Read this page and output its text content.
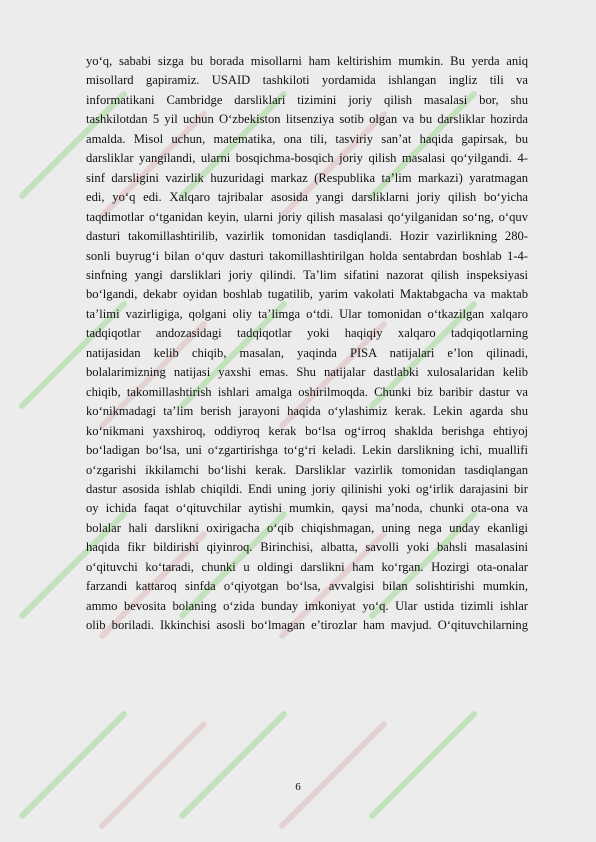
yo‘q, sababi sizga bu borada misollarni ham keltirishim mumkin. Bu yerda aniq
misollard gapiramiz. USAID tashkiloti yordamida ishlangan ingliz tili va
informatikani Cambridge darsliklari tizimini joriy qilish masalasi bor, shu
tashkilotdan 5 yil uchun O‘zbekiston litsenziya sotib olgan va bu darsliklar hozirda
amalda. Misol uchun, matematika, ona tili, tasviriy san’at haqida gapirsak, bu
darsliklar yangilandi, ularni bosqichma-bosqich joriy qilish masalasi qo‘yilgandi. 4-
sinf darsligini vazirlik huzuridagi markaz (Respublika ta’lim markazi) yaratmagan
edi, yo‘q edi. Xalqaro tajribalar asosida yangi darsliklarni joriy qilish bo‘yicha
taqdimotlar o‘tganidan keyin, ularni joriy qilish masalasi qo‘yilganidan so‘ng, o‘quv
dasturi takomillashtirilib, vazirlik tomonidan tasdiqlandi. Hozir vazirlikning 280-
sonli buyrug‘i bilan o‘quv dasturi takomillashtirilgan holda sentabrdan boshlab 1-4-
sinfning yangi darsliklari joriy qilindi. Ta’lim sifatini nazorat qilish inspeksiyasi
bo‘lgandi, dekabr oyidan boshlab tugatilib, yarim vakolati Maktabgacha va maktab
ta’limi vazirligiga, qolgani oliy ta’limga o‘tdi. Ular tomonidan o‘tkazilgan xalqaro
tadqiqotlar andozasidagi tadqiqotlar yoki haqiqiy xalqaro tadqiqotlarning
natijasidan kelib chiqib, masalan, yaqinda PISA natijalari e’lon qilinadi,
bolalarimizning natijasi yaxshi emas. Shu natijalar dastlabki xulosalaridan kelib
chiqib, takomillashtirish ishlari amalga oshirilmoqda. Chunki biz baribir dastur va
ko‘nikmadagi ta’lim berish jarayoni haqida o‘ylashimiz kerak. Lekin agarda shu
ko‘nikmani yaxshiroq, oddiyroq kerak bo‘lsa og‘irroq shaklda berishga ehtiyoj
bo‘ladigan bo‘lsa, uni o‘zgartirishga to‘g‘ri keladi. Lekin darslikning ichi, muallifi
o‘zgarishi ikkilamchi bo‘lishi kerak. Darsliklar vazirlik tomonidan tasdiqlangan
dastur asosida ishlab chiqildi. Endi uning joriy qilinishi yoki og‘irlik darajasini bir
oy ichida faqat o‘qituvchilar aytishi mumkin, qaysi ma’noda, chunki ota-ona va
bolalar hali darslikni oxirigacha o‘qib chiqishmagan, uning nega unday ekanligi
haqida fikr bildirishi qiyinroq. Birinchisi, albatta, savolli yoki bahsli masalasini
o‘qituvchi ko‘taradi, chunki u oldingi darslikni ham ko‘rgan. Hozirgi ota-onalar
farzandi kattaroq sinfda o‘qiyotgan bo‘lsa, avvalgisi bilan solishtirishi mumkin,
ammo bevosita bolaning o‘zida bunday imkoniyat yo‘q. Ular ustida tizimli ishlar
olib boriladi. Ikkinchisi asosli bo‘lmagan e’tirozlar ham mavjud. O‘qituvchilarning
6
